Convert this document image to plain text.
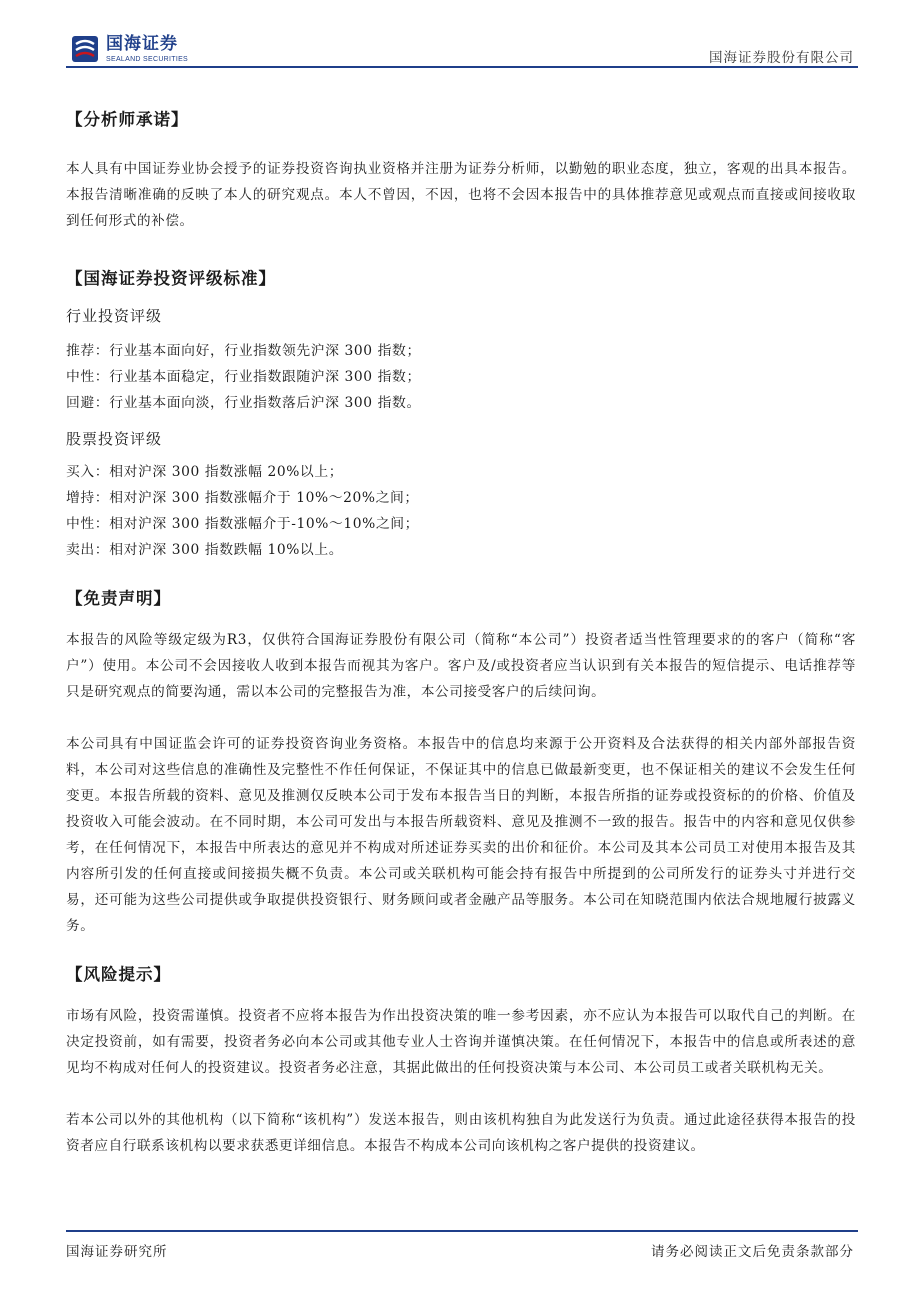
国海证券
SEALAND SECURITIES	国海证券股份有限公司
【分析师承诺】

本人具有中国证券业协会授予的证券投资咨询执业资格并注册为证券分析师，以勤勉的职业态度，独立，客观的出具本报告。本报告清晰准确的反映了本人的研究观点。本人不曾因，不因，也将不会因本报告中的具体推荐意见或观点而直接或间接收取到任何形式的补偿。

【国海证券投资评级标准】

行业投资评级

推荐：行业基本面向好，行业指数领先沪深 300 指数；

中性：行业基本面稳定，行业指数跟随沪深 300 指数；

回避：行业基本面向淡，行业指数落后沪深 300 指数。

股票投资评级

买入：相对沪深 300 指数涨幅 20%以上；

增持：相对沪深 300 指数涨幅介于 10%～20%之间；

中性：相对沪深 300 指数涨幅介于-10%～10%之间；

卖出：相对沪深 300 指数跌幅 10%以上。

【免责声明】

本报告的风险等级定级为R3，仅供符合国海证券股份有限公司（简称“本公司”）投资者适当性管理要求的的客户（简称“客户”）使用。本公司不会因接收人收到本报告而视其为客户。客户及/或投资者应当认识到有关本报告的短信提示、电话推荐等只是研究观点的简要沟通，需以本公司的完整报告为准，本公司接受客户的后续问询。

本公司具有中国证监会许可的证券投资咨询业务资格。本报告中的信息均来源于公开资料及合法获得的相关内部外部报告资料，本公司对这些信息的准确性及完整性不作任何保证，不保证其中的信息已做最新变更，也不保证相关的建议不会发生任何变更。本报告所载的资料、意见及推测仅反映本公司于发布本报告当日的判断，本报告所指的证券或投资标的的价格、价值及投资收入可能会波动。在不同时期，本公司可发出与本报告所载资料、意见及推测不一致的报告。报告中的内容和意见仅供参考，在任何情况下，本报告中所表达的意见并不构成对所述证券买卖的出价和征价。本公司及其本公司员工对使用本报告及其内容所引发的任何直接或间接损失概不负责。本公司或关联机构可能会持有报告中所提到的公司所发行的证券头寸并进行交易，还可能为这些公司提供或争取提供投资银行、财务顾问或者金融产品等服务。本公司在知晓范围内依法合规地履行披露义务。

【风险提示】

市场有风险，投资需谨慎。投资者不应将本报告为作出投资决策的唯一参考因素，亦不应认为本报告可以取代自己的判断。在决定投资前，如有需要，投资者务必向本公司或其他专业人士咨询并谨慎决策。在任何情况下，本报告中的信息或所表述的意见均不构成对任何人的投资建议。投资者务必注意，其据此做出的任何投资决策与本公司、本公司员工或者关联机构无关。

若本公司以外的其他机构（以下简称“该机构”）发送本报告，则由该机构独自为此发送行为负责。通过此途径获得本报告的投资者应自行联系该机构以要求获悉更详细信息。本报告不构成本公司向该机构之客户提供的投资建议。

国海证券研究所	请务必阅读正文后免责条款部分
